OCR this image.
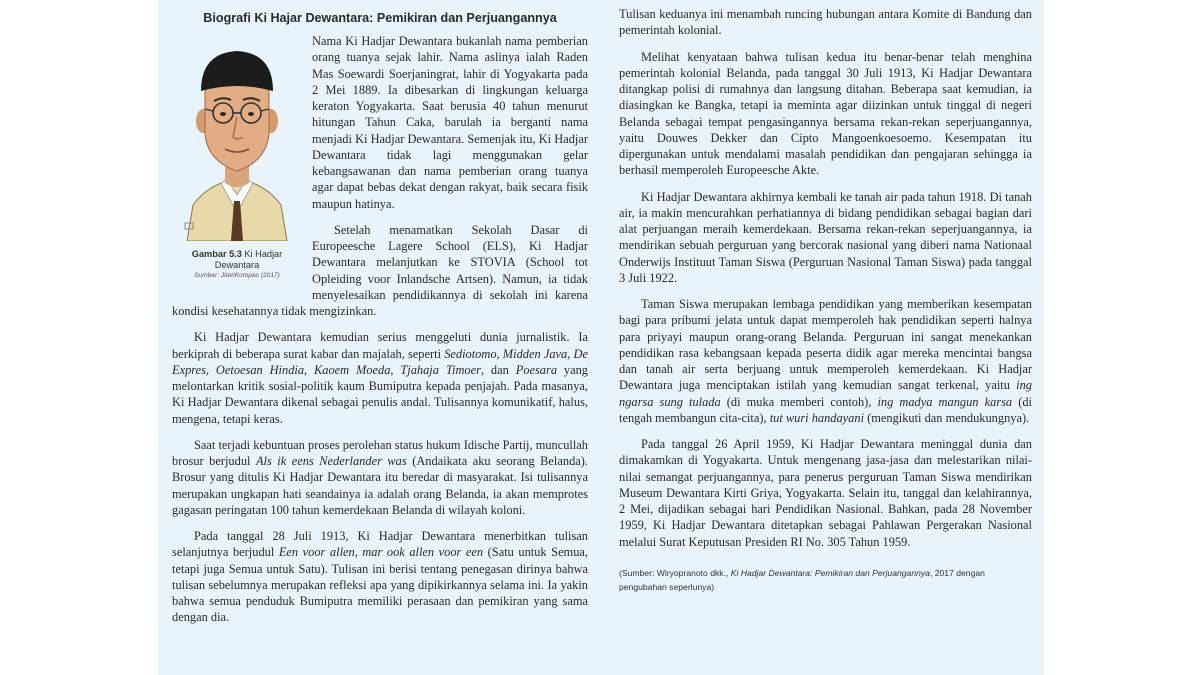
Biografi Ki Hajar Dewantara: Pemikiran dan Perjuangannya
Gambar 5.3 Ki Hadjar Dewantara
Sumber: Jitet/Kompas (2017)

Nama Ki Hadjar Dewantara bukanlah nama pemberian orang tuanya sejak lahir. Nama aslinya ialah Raden Mas Soewardi Soerjaningrat, lahir di Yogyakarta pada 2 Mei 1889. Ia dibesarkan di lingkungan keluarga keraton Yogyakarta. Saat berusia 40 tahun menurut hitungan Tahun Caka, barulah ia berganti nama menjadi Ki Hadjar Dewantara. Semenjak itu, Ki Hadjar Dewantara tidak lagi menggunakan gelar kebangsawanan dan nama pemberian orang tuanya agar dapat bebas dekat dengan rakyat, baik secara fisik maupun hatinya.

Setelah menamatkan Sekolah Dasar di Europeesche Lagere School (ELS), Ki Hadjar Dewantara melanjutkan ke STOVIA (School tot Opleiding voor Inlandsche Artsen). Namun, ia tidak menyelesaikan pendidikannya di sekolah ini karena kondisi kesehatannya tidak mengizinkan.

Ki Hadjar Dewantara kemudian serius menggeluti dunia jurnalistik. Ia berkiprah di beberapa surat kabar dan majalah, seperti Sediotomo, Midden Java, De Expres, Oetoesan Hindia, Kaoem Moeda, Tjahaja Timoer, dan Poesara yang melontarkan kritik sosial-politik kaum Bumiputra kepada penjajah. Pada masanya, Ki Hadjar Dewantara dikenal sebagai penulis andal. Tulisannya komunikatif, halus, mengena, tetapi keras.

Saat terjadi kebuntuan proses perolehan status hukum Idische Partij, muncullah brosur berjudul Als ik eens Nederlander was (Andaikata aku seorang Belanda). Brosur yang ditulis Ki Hadjar Dewantara itu beredar di masyarakat. Isi tulisannya merupakan ungkapan hati seandainya ia adalah orang Belanda, ia akan memprotes gagasan peringatan 100 tahun kemerdekaan Belanda di wilayah koloni.

Pada tanggal 28 Juli 1913, Ki Hadjar Dewantara menerbitkan tulisan selanjutnya berjudul Een voor allen, mar ook allen voor een (Satu untuk Semua, tetapi juga Semua untuk Satu). Tulisan ini berisi tentang penegasan dirinya bahwa tulisan sebelumnya merupakan refleksi apa yang dipikirkannya selama ini. Ia yakin bahwa semua penduduk Bumiputra memiliki perasaan dan pemikiran yang sama dengan dia.

Tulisan keduanya ini menambah runcing hubungan antara Komite di Bandung dan pemerintah kolonial.

Melihat kenyataan bahwa tulisan kedua itu benar-benar telah menghina pemerintah kolonial Belanda, pada tanggal 30 Juli 1913, Ki Hadjar Dewantara ditangkap polisi di rumahnya dan langsung ditahan. Beberapa saat kemudian, ia diasingkan ke Bangka, tetapi ia meminta agar diizinkan untuk tinggal di negeri Belanda sebagai tempat pengasingannya bersama rekan-rekan seperjuangannya, yaitu Douwes Dekker dan Cipto Mangoenkoesoemo. Kesempatan itu dipergunakan untuk mendalami masalah pendidikan dan pengajaran sehingga ia berhasil memperoleh Europeesche Akte.

Ki Hadjar Dewantara akhirnya kembali ke tanah air pada tahun 1918. Di tanah air, ia makin mencurahkan perhatiannya di bidang pendidikan sebagai bagian dari alat perjuangan meraih kemerdekaan. Bersama rekan-rekan seperjuangannya, ia mendirikan sebuah perguruan yang bercorak nasional yang diberi nama Nationaal Onderwijs Instituut Taman Siswa (Perguruan Nasional Taman Siswa) pada tanggal 3 Juli 1922.

Taman Siswa merupakan lembaga pendidikan yang memberikan kesempatan bagi para pribumi jelata untuk dapat memperoleh hak pendidikan seperti halnya para priyayi maupun orang-orang Belanda. Perguruan ini sangat menekankan pendidikan rasa kebangsaan kepada peserta didik agar mereka mencintai bangsa dan tanah air serta berjuang untuk memperoleh kemerdekaan. Ki Hadjar Dewantara juga menciptakan istilah yang kemudian sangat terkenal, yaitu ing ngarsa sung tulada (di muka memberi contoh), ing madya mangun karsa (di tengah membangun cita-cita), tut wuri handayani (mengikuti dan mendukungnya).

Pada tanggal 26 April 1959, Ki Hadjar Dewantara meninggal dunia dan dimakamkan di Yogyakarta. Untuk mengenang jasa-jasa dan melestarikan nilai-nilai semangat perjuangannya, para penerus perguruan Taman Siswa mendirikan Museum Dewantara Kirti Griya, Yogyakarta. Selain itu, tanggal dan kelahirannya, 2 Mei, dijadikan sebagai hari Pendidikan Nasional. Bahkan, pada 28 November 1959, Ki Hadjar Dewantara ditetapkan sebagai Pahlawan Pergerakan Nasional melalui Surat Keputusan Presiden RI No. 305 Tahun 1959.

(Sumber: Wiryopranoto dkk., Ki Hadjar Dewantara: Pemikiran dan Perjuangannya, 2017 dengan pengubahan seperlunya)
